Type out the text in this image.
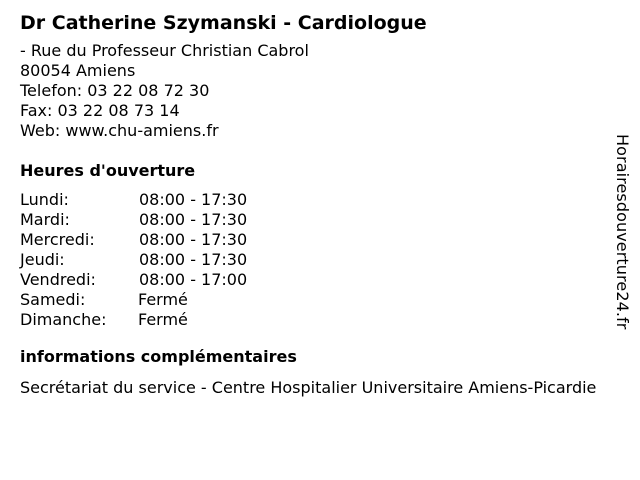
Dr Catherine Szymanski - Cardiologue
- Rue du Professeur Christian Cabrol
80054 Amiens
Telefon: 03 22 08 72 30
Fax: 03 22 08 73 14
Web: www.chu-amiens.fr
Heures d'ouverture
Lundi:	08:00 - 17:30
Mardi:	08:00 - 17:30
Mercredi:	08:00 - 17:30
Jeudi:	08:00 - 17:30
Vendredi:	08:00 - 17:00
Samedi:	Fermé
Dimanche:	Fermé
informations complémentaires
Secrétariat du service - Centre Hospitalier Universitaire Amiens-Picardie
Horairesdouverture24.fr
